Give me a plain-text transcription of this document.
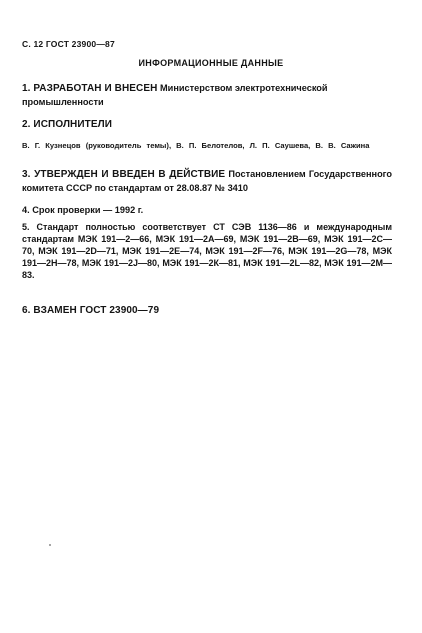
С. 12 ГОСТ 23900—87
ИНФОРМАЦИОННЫЕ ДАННЫЕ
1. РАЗРАБОТАН И ВНЕСЕН Министерством электротехнической промышленности
2. ИСПОЛНИТЕЛИ
В. Г. Кузнецов (руководитель темы), В. П. Белотелов, Л. П. Саушева, В. В. Сажина
3. УТВЕРЖДЕН И ВВЕДЕН В ДЕЙСТВИЕ Постановлением Государственного комитета СССР по стандартам от 28.08.87 № 3410
4. Срок проверки — 1992 г.
5. Стандарт полностью соответствует СТ СЭВ 1136—86 и международным стандартам МЭК 191—2—66, МЭК 191—2А—69, МЭК 191—2В—69, МЭК 191—2С—70, МЭК 191—2D—71, МЭК 191—2Е—74, МЭК 191—2F—76, МЭК 191—2G—78, МЭК 191—2Н—78, МЭК 191—2J—80, МЭК 191—2К—81, МЭК 191—2L—82, МЭК 191—2М—83.
6. ВЗАМЕН ГОСТ 23900—79
